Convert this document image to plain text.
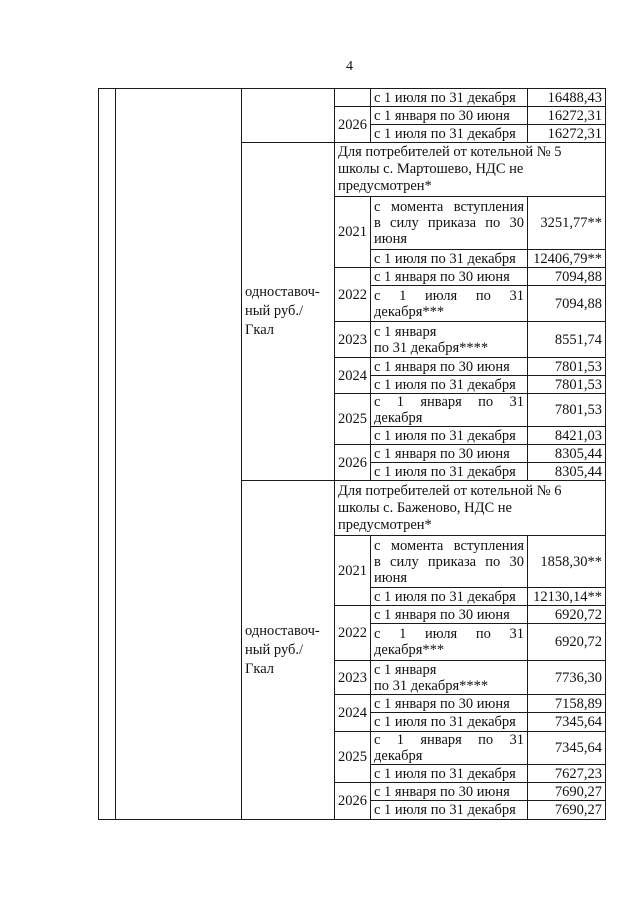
4
				с 1 июля по 31 декабря	16488,43
			2026	с 1 января по 30 июня	16272,31
				с 1 июля по 31 декабря	16272,31
		одноставоч-
ный руб./
Гкал	Для потребителей от котельной № 5
школы с. Мартошево, НДС не
предусмотрен*		
			2021	с момента вступления
в силу приказа по 30
июня	3251,77**
				с 1 июля по 31 декабря	12406,79**
			2022	с 1 января по 30 июня	7094,88
				с 1 июля по 31
декабря***	7094,88
			2023	с 1 января
по 31 декабря****	8551,74
			2024	с 1 января по 30 июня	7801,53
				с 1 июля по 31 декабря	7801,53
			2025	с 1 января по 31
декабря	7801,53
				с 1 июля по 31 декабря	8421,03
			2026	с 1 января по 30 июня	8305,44
				с 1 июля по 31 декабря	8305,44
		одноставоч-
ный руб./
Гкал	Для потребителей от котельной № 6
школы с. Баженово, НДС не
предусмотрен*		
			2021	с момента вступления
в силу приказа по 30
июня	1858,30**
				с 1 июля по 31 декабря	12130,14**
			2022	с 1 января по 30 июня	6920,72
				с 1 июля по 31
декабря***	6920,72
			2023	с 1 января
по 31 декабря****	7736,30
			2024	с 1 января по 30 июня	7158,89
				с 1 июля по 31 декабря	7345,64
			2025	с 1 января по 31
декабря	7345,64
				с 1 июля по 31 декабря	7627,23
			2026	с 1 января по 30 июня	7690,27
				с 1 июля по 31 декабря	7690,27
